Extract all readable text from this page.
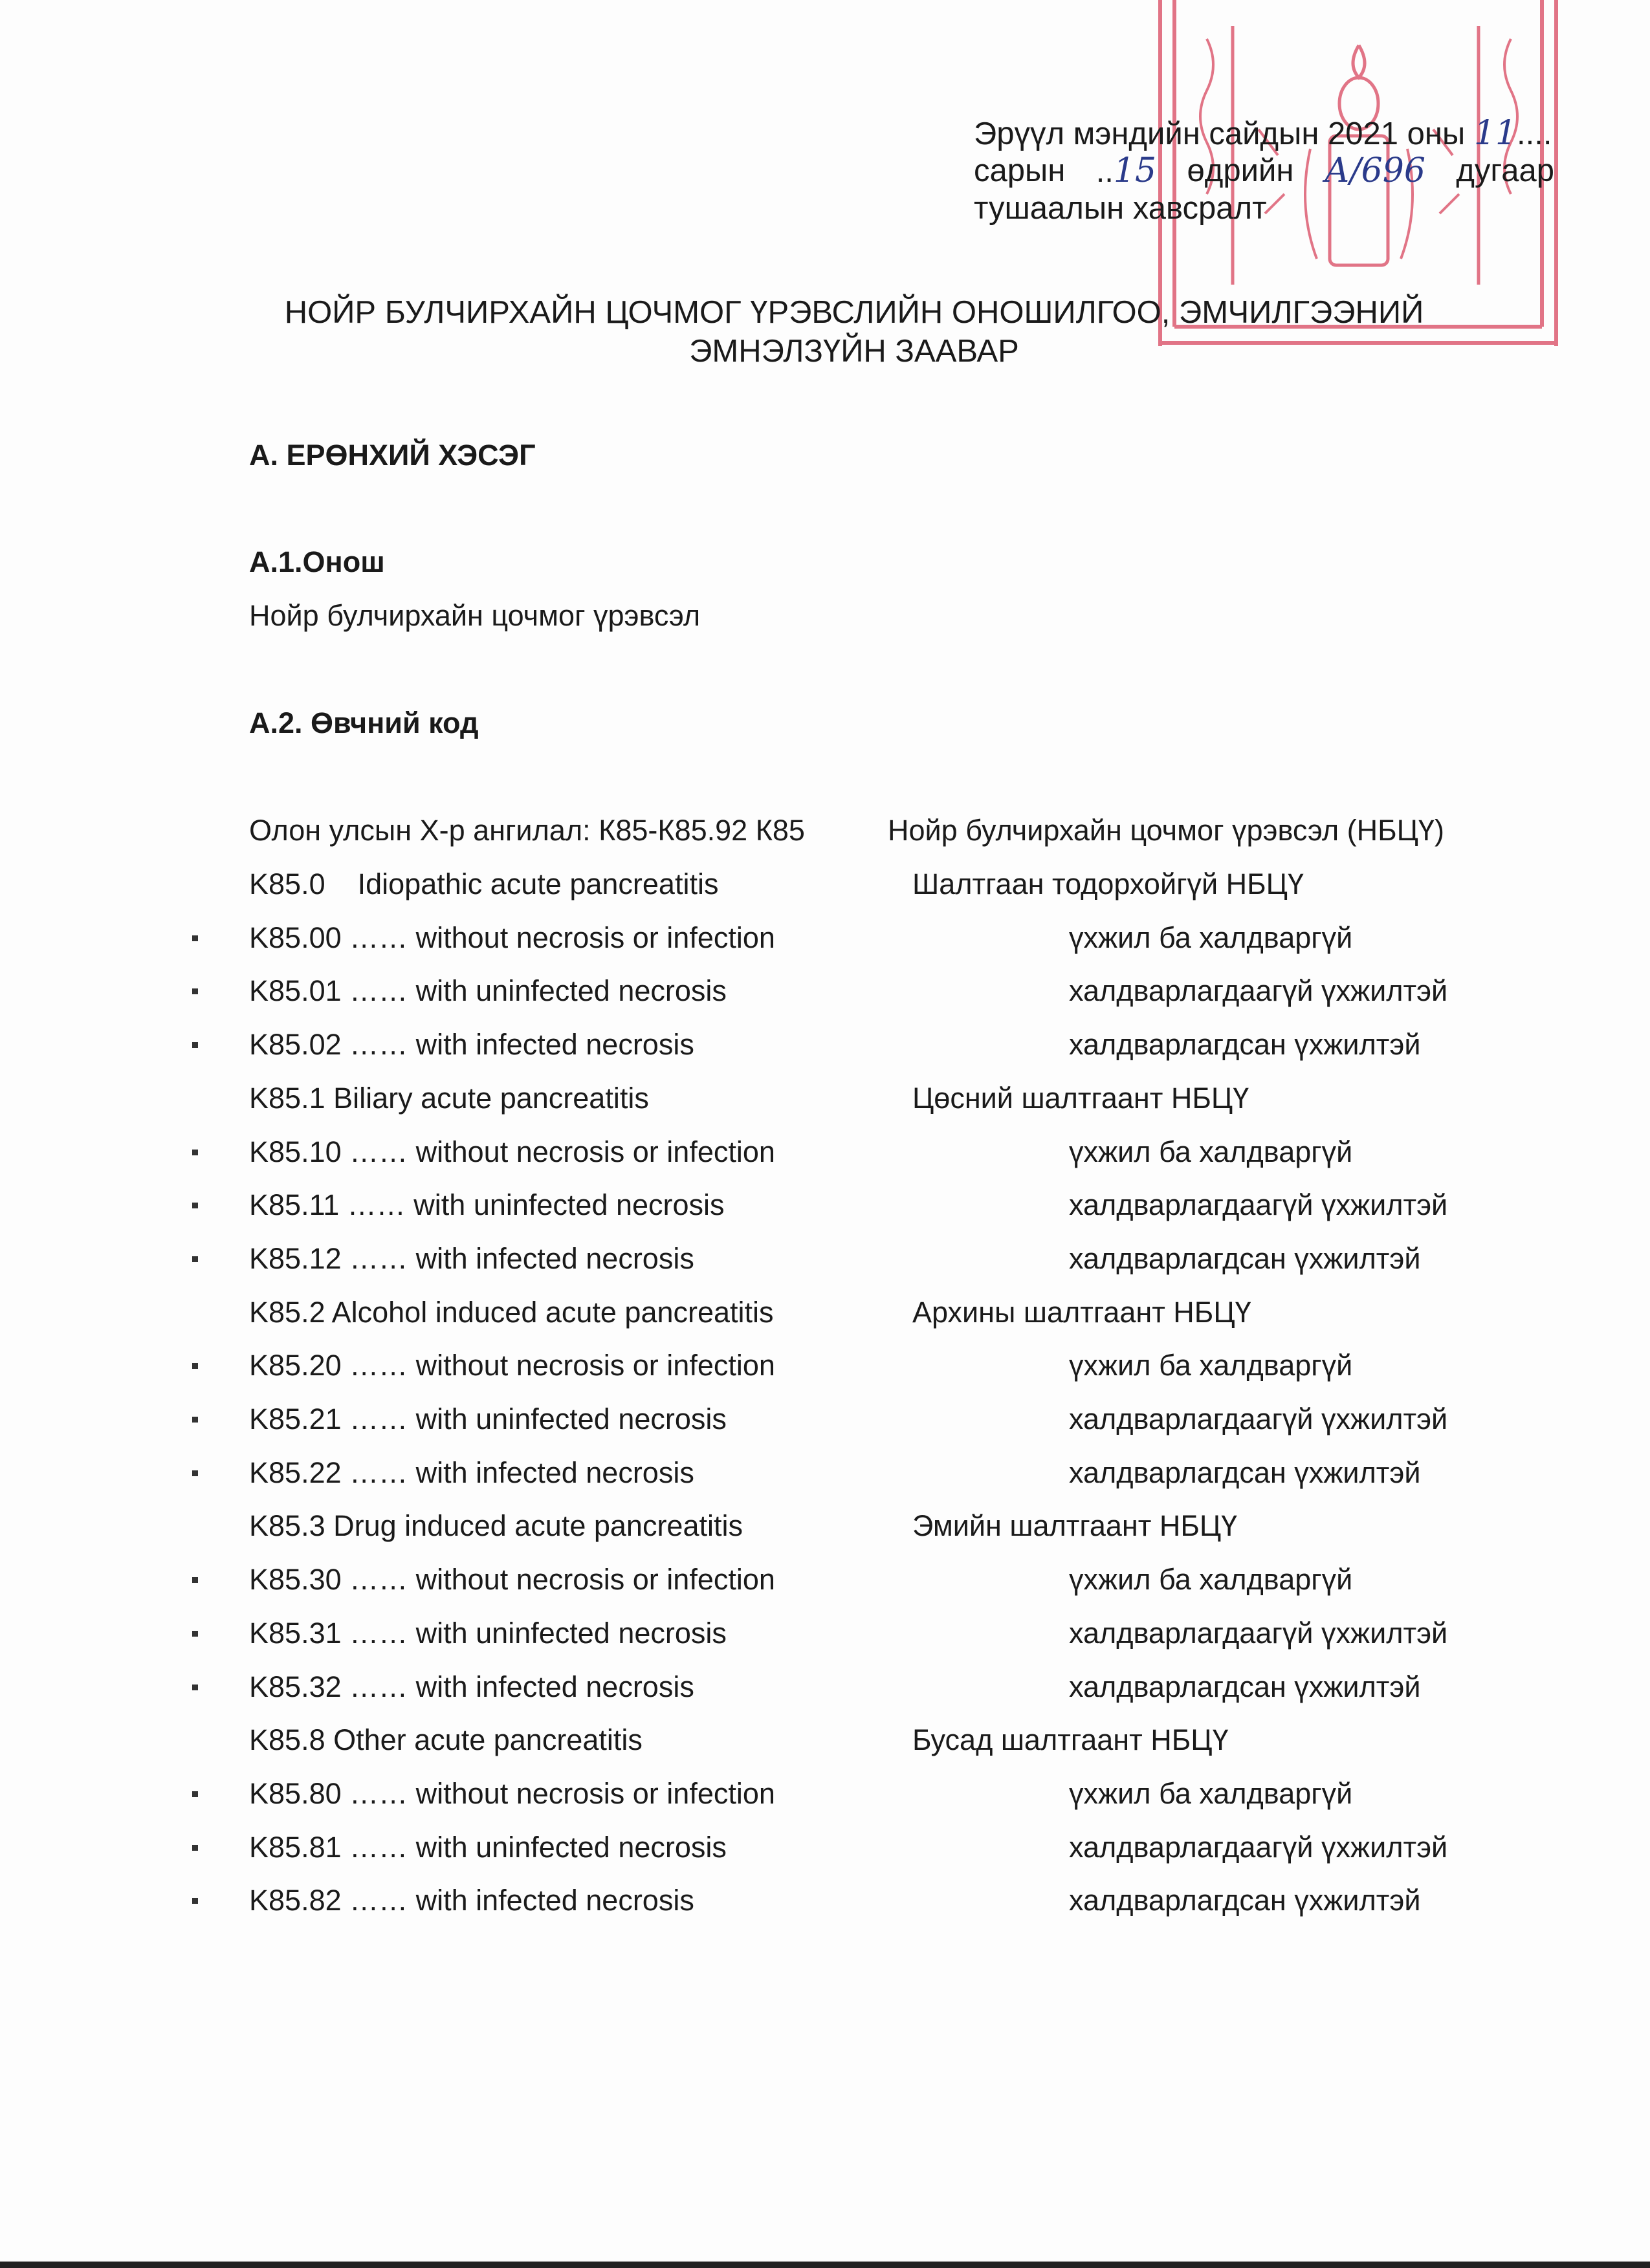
Эрүүл мэндийн сайдын 2021 оны 11....
сарын ..15 өдрийн А/696 дугаар
тушаалын хавсралт
НОЙР БУЛЧИРХАЙН ЦОЧМОГ ҮРЭВСЛИЙН ОНОШИЛГОО, ЭМЧИЛГЭЭНИЙ
ЭМНЭЛЗҮЙН ЗААВАР
А. ЕРӨНХИЙ ХЭСЭГ
А.1.Онош
Нойр булчирхайн цочмог үрэвсэл
А.2. Өвчний код
Олон улсын Х-р ангилал: К85-К85.92 К85	Нойр булчирхайн цочмог үрэвсэл (НБЦҮ)
K85.0    Idiopathic acute pancreatitis	Шалтгаан тодорхойгүй НБЦҮ
K85.00 …… without necrosis or infection	үхжил ба халдваргүй
K85.01 …… with uninfected necrosis	халдварлагдаагүй үхжилтэй
K85.02 …… with infected necrosis	халдварлагдсан үхжилтэй
K85.1 Biliary acute pancreatitis	Цөсний шалтгаант НБЦҮ
K85.10 …… without necrosis or infection	үхжил ба халдваргүй
K85.11 …… with uninfected necrosis	халдварлагдаагүй үхжилтэй
K85.12 …… with infected necrosis	халдварлагдсан үхжилтэй
K85.2 Alcohol induced acute pancreatitis	Архины шалтгаант НБЦҮ
K85.20 …… without necrosis or infection	үхжил ба халдваргүй
K85.21 …… with uninfected necrosis	халдварлагдаагүй үхжилтэй
K85.22 …… with infected necrosis	халдварлагдсан үхжилтэй
K85.3 Drug induced acute pancreatitis	Эмийн шалтгаант НБЦҮ
K85.30 …… without necrosis or infection	үхжил ба халдваргүй
K85.31 …… with uninfected necrosis	халдварлагдаагүй үхжилтэй
K85.32 …… with infected necrosis	халдварлагдсан үхжилтэй
K85.8 Other acute pancreatitis	Бусад шалтгаант НБЦҮ
K85.80 …… without necrosis or infection	үхжил ба халдваргүй
K85.81 …… with uninfected necrosis	халдварлагдаагүй үхжилтэй
K85.82 …… with infected necrosis	халдварлагдсан үхжилтэй
